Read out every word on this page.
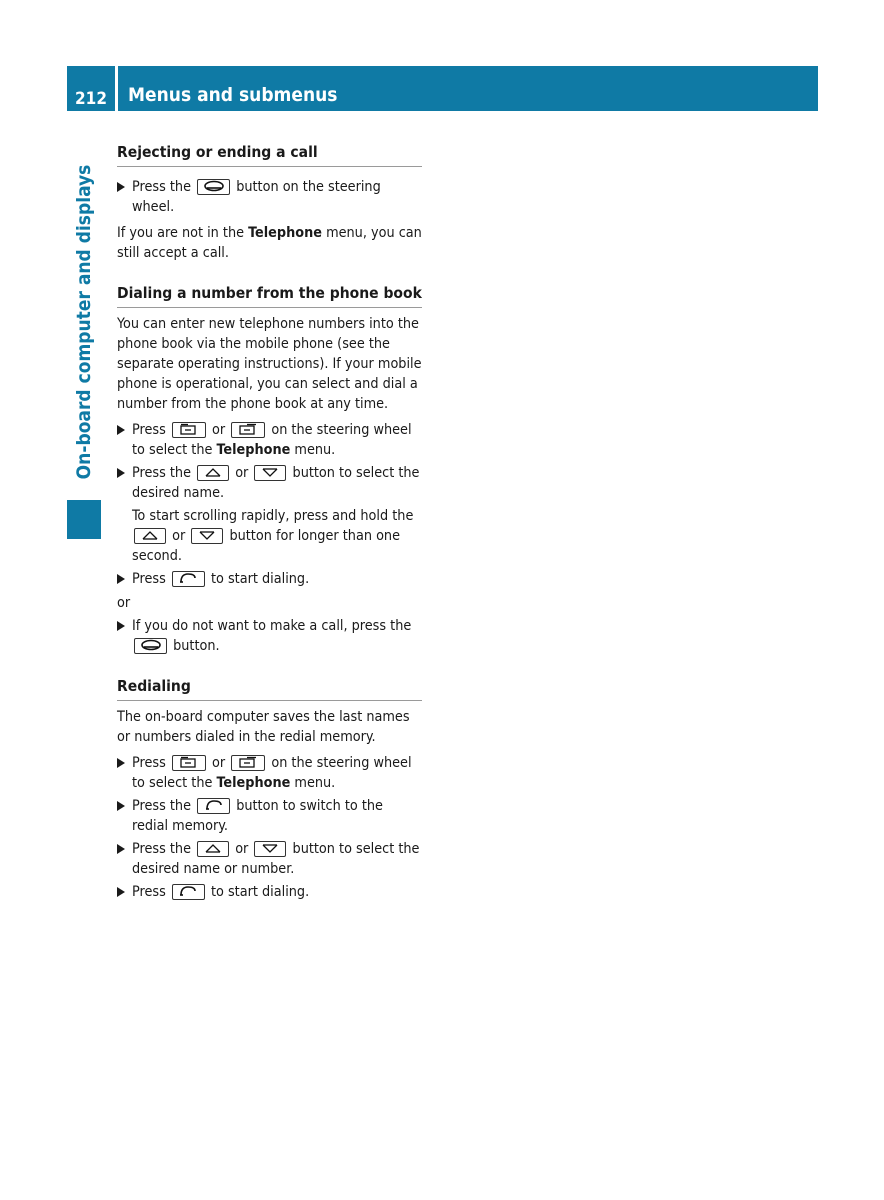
212	Menus and submenus
On-board computer and displays
Rejecting or ending a call
Press the	button on the steering wheel.

If you are not in the Telephone menu, you can still accept a call.

Dialing a number from the phone book

You can enter new telephone numbers into the phone book via the mobile phone (see the separate operating instructions). If your mobile phone is operational, you can select and dial a number from the phone book at any time.

Press	or	on the steering wheel to select the Telephone menu.
Press the	or	button to select the desired name.
To start scrolling rapidly, press and hold the
or	button for longer than one second.
Press	to start dialing.

or

If you do not want to make a call, press the
button.
Redialing

The on-board computer saves the last names or numbers dialed in the redial memory.

Press	or	on the steering wheel to select the Telephone menu.
Press the	button to switch to the redial memory.
Press the	or	button to select the desired name or number.
Press	to start dialing.
